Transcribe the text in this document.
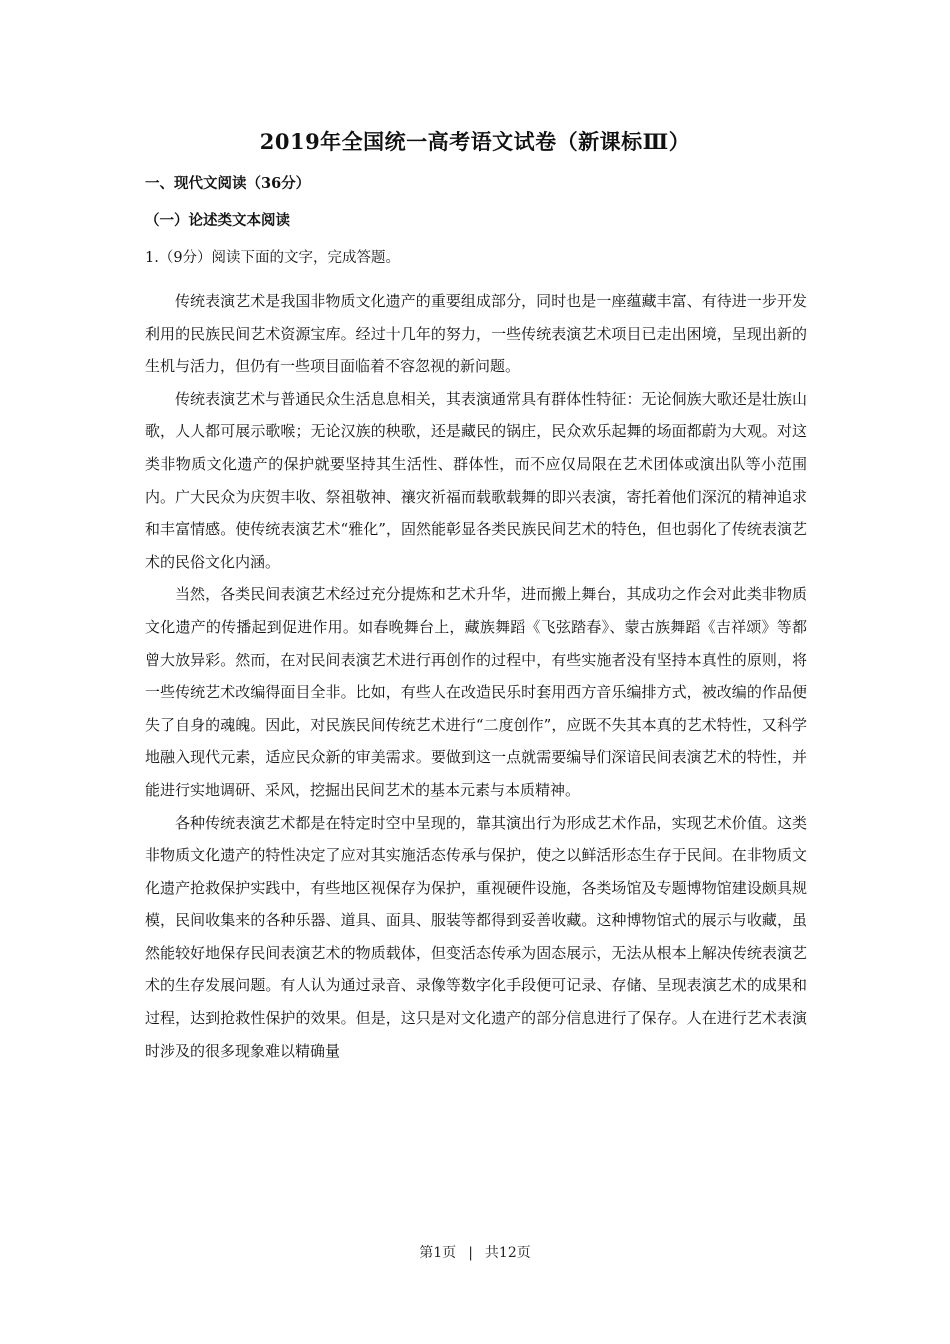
2019年全国统一高考语文试卷（新课标Ⅲ）
一、现代文阅读（36分）
（一）论述类文本阅读
1.（9分）阅读下面的文字，完成答题。

传统表演艺术是我国非物质文化遗产的重要组成部分，同时也是一座蕴藏丰富、有待进一步开发利用的民族民间艺术资源宝库。经过十几年的努力，一些传统表演艺术项目已走出困境，呈现出新的生机与活力，但仍有一些项目面临着不容忽视的新问题。

传统表演艺术与普通民众生活息息相关，其表演通常具有群体性特征：无论侗族大歌还是壮族山歌，人人都可展示歌喉；无论汉族的秧歌，还是藏民的锅庄，民众欢乐起舞的场面都蔚为大观。对这类非物质文化遗产的保护就要坚持其生活性、群体性，而不应仅局限在艺术团体或演出队等小范围内。广大民众为庆贺丰收、祭祖敬神、禳灾祈福而载歌载舞的即兴表演，寄托着他们深沉的精神追求和丰富情感。使传统表演艺术“雅化”，固然能彰显各类民族民间艺术的特色，但也弱化了传统表演艺术的民俗文化内涵。

当然，各类民间表演艺术经过充分提炼和艺术升华，进而搬上舞台，其成功之作会对此类非物质文化遗产的传播起到促进作用。如春晚舞台上，藏族舞蹈《飞弦踏春》、蒙古族舞蹈《吉祥颂》等都曾大放异彩。然而，在对民间表演艺术进行再创作的过程中，有些实施者没有坚持本真性的原则，将一些传统艺术改编得面目全非。比如，有些人在改造民乐时套用西方音乐编排方式，被改编的作品便失了自身的魂魄。因此，对民族民间传统艺术进行“二度创作”，应既不失其本真的艺术特性，又科学地融入现代元素，适应民众新的审美需求。要做到这一点就需要编导们深谙民间表演艺术的特性，并能进行实地调研、采风，挖掘出民间艺术的基本元素与本质精神。

各种传统表演艺术都是在特定时空中呈现的，靠其演出行为形成艺术作品，实现艺术价值。这类非物质文化遗产的特性决定了应对其实施活态传承与保护，使之以鲜活形态生存于民间。在非物质文化遗产抢救保护实践中，有些地区视保存为保护，重视硬件设施，各类场馆及专题博物馆建设颇具规模，民间收集来的各种乐器、道具、面具、服装等都得到妥善收藏。这种博物馆式的展示与收藏，虽然能较好地保存民间表演艺术的物质载体，但变活态传承为固态展示，无法从根本上解决传统表演艺术的生存发展问题。有人认为通过录音、录像等数字化手段便可记录、存储、呈现表演艺术的成果和过程，达到抢救性保护的效果。但是，这只是对文化遗产的部分信息进行了保存。人在进行艺术表演时涉及的很多现象难以精确量

第1页 | 共12页
